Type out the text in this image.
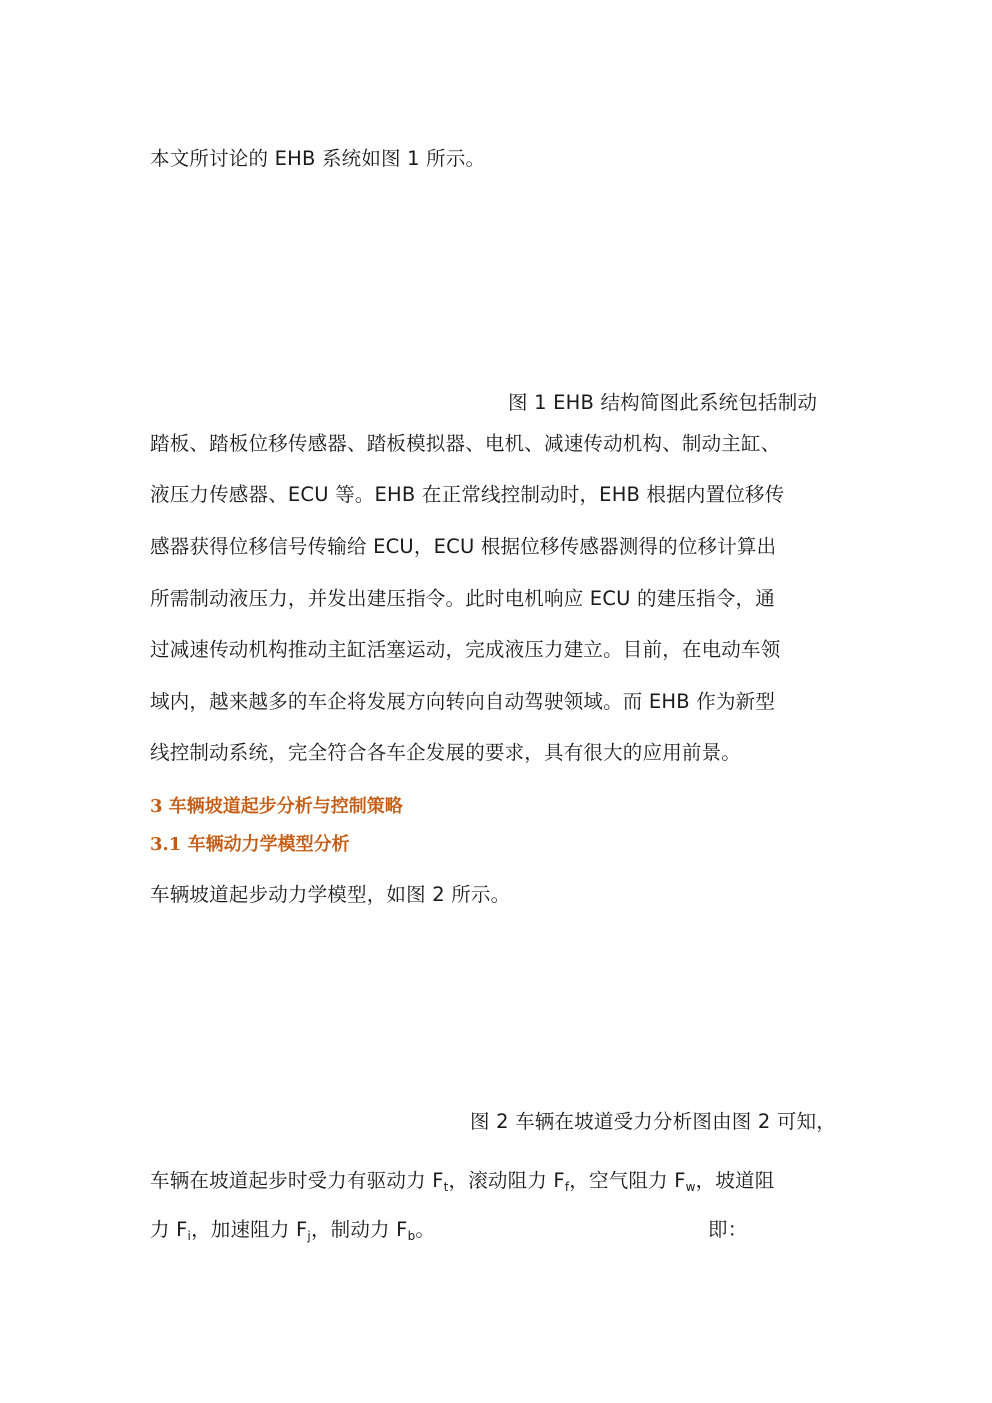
本文所讨论的 EHB 系统如图 1 所示。
图 1 EHB 结构简图此系统包括制动
踏板、踏板位移传感器、踏板模拟器、电机、减速传动机构、制动主缸、
液压力传感器、ECU 等。EHB 在正常线控制动时，EHB 根据内置位移传
感器获得位移信号传输给 ECU，ECU 根据位移传感器测得的位移计算出
所需制动液压力，并发出建压指令。此时电机响应 ECU 的建压指令，通
过减速传动机构推动主缸活塞运动，完成液压力建立。目前，在电动车领
域内，越来越多的车企将发展方向转向自动驾驶领域。而 EHB 作为新型
线控制动系统，完全符合各车企发展的要求，具有很大的应用前景。
3 车辆坡道起步分析与控制策略
3.1 车辆动力学模型分析
车辆坡道起步动力学模型，如图 2 所示。
图 2 车辆在坡道受力分析图由图 2 可知，
车辆在坡道起步时受力有驱动力 $F_t$，滚动阻力 $F_f$，空气阻力 $F_w$，坡道阻
力 $F_i$，加速阻力 $F_j$，制动力 $F_b$。	即：
